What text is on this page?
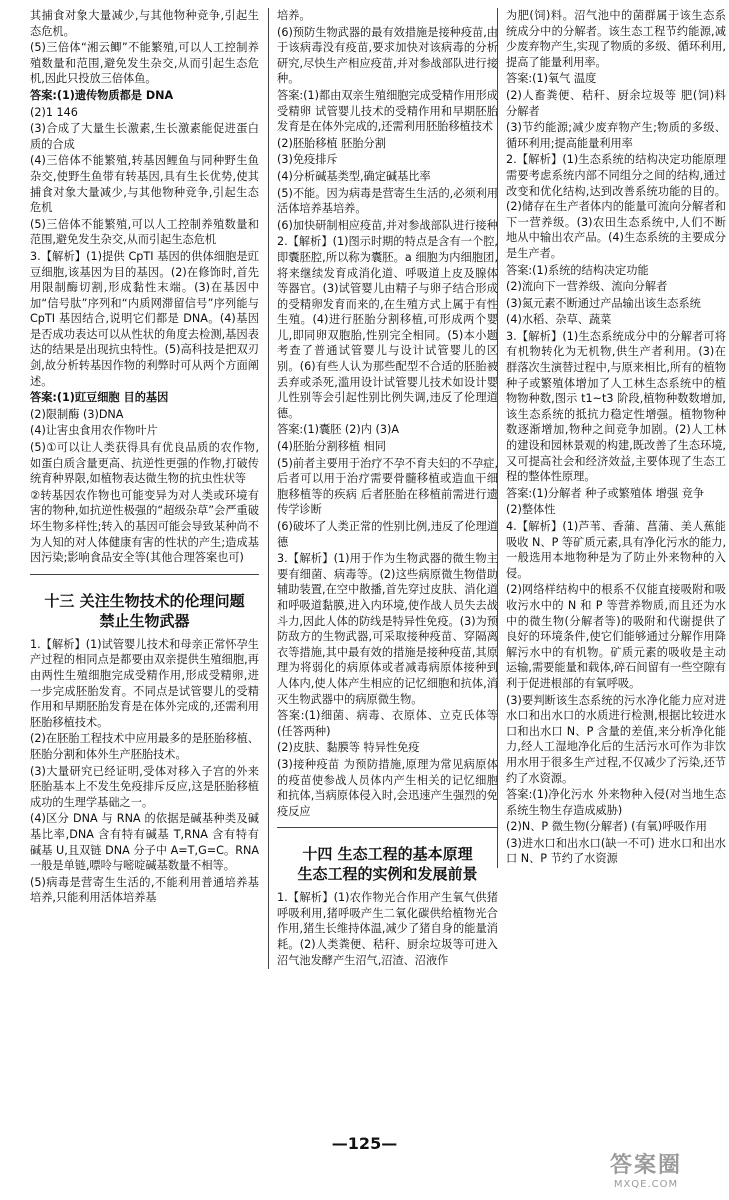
其捕食对象大量减少,与其他物种竞争,引起生态危机。

(5)三倍体“湘云鲫”不能繁殖,可以人工控制养殖数量和范围,避免发生杂交,从而引起生态危机,因此只投放三倍体鱼。

答案:(1)遗传物质都是 DNA

(2)1 146

(3)合成了大量生长激素,生长激素能促进蛋白质的合成

(4)三倍体不能繁殖,转基因鲤鱼与同种野生鱼杂交,使野生鱼带有转基因,具有生长优势,使其捕食对象大量减少,与其他物种竞争,引起生态危机

(5)三倍体不能繁殖,可以人工控制养殖数量和范围,避免发生杂交,从而引起生态危机

3.【解析】(1)提供 CpTI 基因的供体细胞是豇豆细胞,该基因为目的基因。(2)在修饰时,首先用限制酶切割,形成黏性末端。(3)在基因中加“信号肽”序列和“内质网滞留信号”序列能与 CpTI 基因结合,说明它们都是 DNA。(4)基因是否成功表达可以从性状的角度去检测,基因表达的结果是出现抗虫特性。(5)高科技是把双刃剑,故分析转基因作物的利弊时可从两个方面阐述。

答案:(1)豇豆细胞 目的基因

(2)限制酶 (3)DNA

(4)让害虫食用农作物叶片

(5)①可以让人类获得具有优良品质的农作物,如蛋白质含量更高、抗逆性更强的作物,打破传统育种界限,如植物表达微生物的抗虫性状等

②转基因农作物也可能变异为对人类或环境有害的物种,如抗逆性极强的“超级杂草”会严重破坏生物多样性;转入的基因可能会导致某种尚不为人知的对人体健康有害的性状的产生;造成基因污染;影响食品安全等(其他合理答案也可)

十三 关注生物技术的伦理问题
禁止生物武器

1.【解析】(1)试管婴儿技术和母亲正常怀孕生产过程的相同点是都要由双亲提供生殖细胞,再由两性生殖细胞完成受精作用,形成受精卵,进一步完成胚胎发育。不同点是试管婴儿的受精作用和早期胚胎发育是在体外完成的,还需利用胚胎移植技术。

(2)在胚胎工程技术中应用最多的是胚胎移植、胚胎分割和体外生产胚胎技术。

(3)大量研究已经证明,受体对移入子宫的外来胚胎基本上不发生免疫排斥反应,这是胚胎移植成功的生理学基础之一。

(4)区分 DNA 与 RNA 的依据是碱基种类及碱基比率,DNA 含有特有碱基 T,RNA 含有特有碱基 U,且双链 DNA 分子中 A=T,G=C。RNA 一般是单链,嘌呤与嘧啶碱基数量不相等。

(5)病毒是营寄生生活的,不能利用普通培养基培养,只能利用活体培养基

培养。

(6)预防生物武器的最有效措施是接种疫苗,由于该病毒没有疫苗,要求加快对该病毒的分析研究,尽快生产相应疫苗,并对参战部队进行接种。

答案:(1)都由双亲生殖细胞完成受精作用形成受精卵 试管婴儿技术的受精作用和早期胚胎发育是在体外完成的,还需利用胚胎移植技术

(2)胚胎移植 胚胎分割

(3)免疫排斥

(4)分析碱基类型,确定碱基比率

(5)不能。因为病毒是营寄生生活的,必须利用活体培养基培养。

(6)加快研制相应疫苗,并对参战部队进行接种

2.【解析】(1)图示时期的特点是含有一个腔,即囊胚腔,所以称为囊胚。a 细胞为内细胞团,将来继续发育成消化道、呼吸道上皮及腺体等器官。(3)试管婴儿由精子与卵子结合形成的受精卵发育而来的,在生殖方式上属于有性生殖。(4)进行胚胎分割移植,可形成两个婴儿,即同卵双胞胎,性别完全相同。(5)本小题考查了普通试管婴儿与设计试管婴儿的区别。(6)有些人认为那些配型不合适的胚胎被丢弃或杀死,滥用设计试管婴儿技术如设计婴儿性别等会引起性别比例失调,违反了伦理道德。

答案:(1)囊胚 (2)内 (3)A

(4)胚胎分割移植 相同

(5)前者主要用于治疗不孕不育夫妇的不孕症,后者可以用于治疗需要骨髓移植或造血干细胞移植等的疾病 后者胚胎在移植前需进行遗传学诊断

(6)破坏了人类正常的性别比例,违反了伦理道德

3.【解析】(1)用于作为生物武器的微生物主要有细菌、病毒等。(2)这些病原微生物借助辅助装置,在空中散播,首先穿过皮肤、消化道和呼吸道黏膜,进入内环境,使作战人员失去战斗力,因此人体的防线是特异性免疫。(3)为预防敌方的生物武器,可采取接种疫苗、穿隔离衣等措施,其中最有效的措施是接种疫苗,其原理为将弱化的病原体或者减毒病原体接种到人体内,使人体产生相应的记忆细胞和抗体,消灭生物武器中的病原微生物。

答案:(1)细菌、病毒、衣原体、立克氏体等(任答两种)

(2)皮肤、黏膜等 特异性免疫

(3)接种疫苗 为预防措施,原理为常见病原体的疫苗使参战人员体内产生相关的记忆细胞和抗体,当病原体侵入时,会迅速产生强烈的免疫反应

十四 生态工程的基本原理
生态工程的实例和发展前景

1.【解析】(1)农作物光合作用产生氧气供猪呼吸利用,猪呼吸产生二氧化碳供给植物光合作用,猪生长维持体温,减少了猪自身的能量消耗。(2)人类粪便、秸秆、厨余垃圾等可进入沼气池发酵产生沼气,沼渣、沼液作

为肥(饲)料。沼气池中的菌群属于该生态系统成分中的分解者。该生态工程节约能源,减少废弃物产生,实现了物质的多级、循环利用,提高了能量利用率。

答案:(1)氧气 温度

(2)人畜粪便、秸秆、厨余垃圾等 肥(饲)料 分解者

(3)节约能源;减少废弃物产生;物质的多级、循环利用;提高能量利用率

2.【解析】(1)生态系统的结构决定功能原理需要考虑系统内部不同组分之间的结构,通过改变和优化结构,达到改善系统功能的目的。(2)储存在生产者体内的能量可流向分解者和下一营养级。(3)农田生态系统中,人们不断地从中输出农产品。(4)生态系统的主要成分是生产者。

答案:(1)系统的结构决定功能

(2)流向下一营养级、流向分解者

(3)氮元素不断通过产品输出该生态系统

(4)水稻、杂草、蔬菜

3.【解析】(1)生态系统成分中的分解者可将有机物转化为无机物,供生产者利用。(3)在群落次生演替过程中,与原来相比,所有的植物种子或繁殖体增加了人工林生态系统中的植物物种数,图示 t1~t3 阶段,植物种数数增加,该生态系统的抵抗力稳定性增强。植物物种数逐渐增加,物种之间竞争加剧。(2)人工林的建设和园林景观的构建,既改善了生态环境,又可提高社会和经济效益,主要体现了生态工程的整体性原理。

答案:(1)分解者 种子或繁殖体 增强 竞争

(2)整体性

4.【解析】(1)芦苇、香蒲、菖蒲、美人蕉能吸收 N、P 等矿质元素,具有净化污水的能力,一般选用本地物种是为了防止外来物种的入侵。

(2)网络样结构中的根系不仅能直接吸附和吸收污水中的 N 和 P 等营养物质,而且还为水中的微生物(分解者等)的吸附和代谢提供了良好的环境条件,使它们能够通过分解作用降解污水中的有机物。矿质元素的吸收是主动运输,需要能量和载体,碎石间留有一些空隙有利于促进根部的有氧呼吸。

(3)要判断该生态系统的污水净化能力应对进水口和出水口的水质进行检测,根据比较进水口和出水口 N、P 含量的差值,来分析净化能力,经人工湿地净化后的生活污水可作为非饮用水用于很多生产过程,不仅减少了污染,还节约了水资源。

答案:(1)净化污水 外来物种入侵(对当地生态系统生物生存造成威胁)

(2)N、P 微生物(分解者) (有氧)呼吸作用

(3)进水口和出水口(缺一不可) 进水口和出水口 N、P 节约了水资源

—125—
答案圈
MXQE.COM
